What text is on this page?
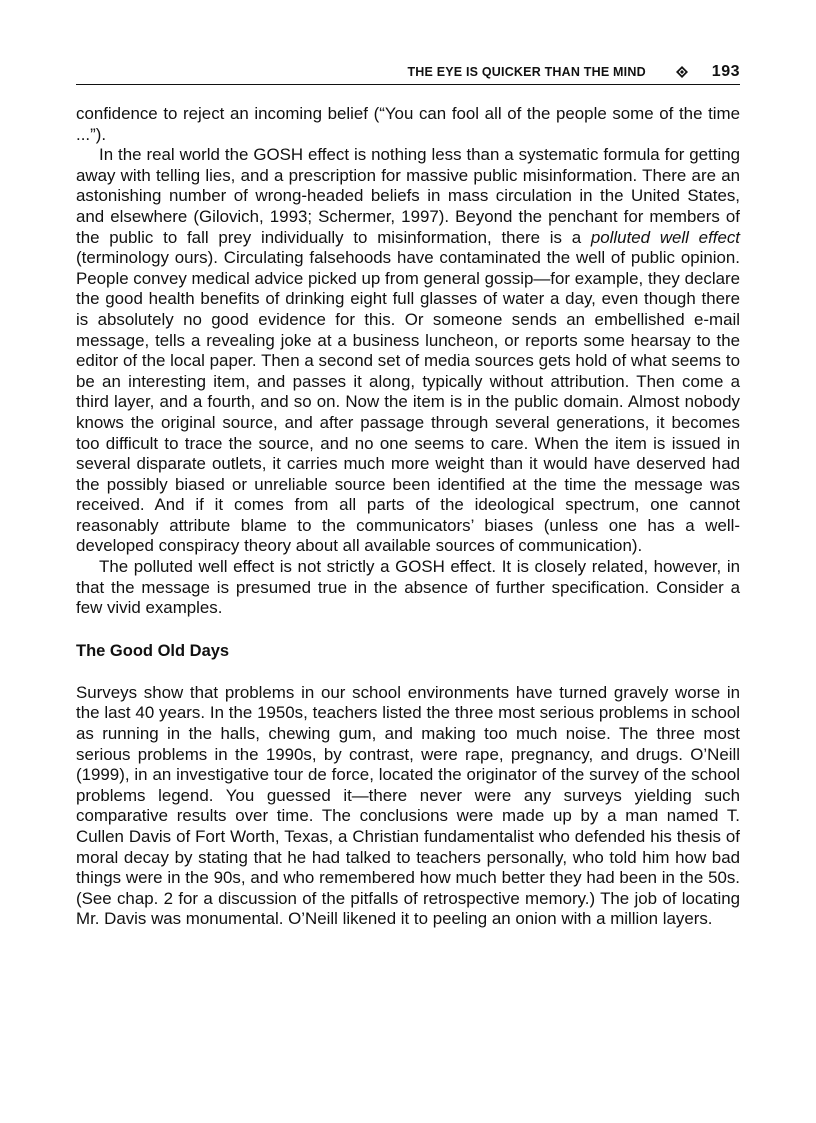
THE EYE IS QUICKER THAN THE MIND	193

confidence to reject an incoming belief (“You can fool all of the people some of the time ...”).

In the real world the GOSH effect is nothing less than a systematic formula for getting away with telling lies, and a prescription for massive public misinformation. There are an astonishing number of wrong-headed beliefs in mass circulation in the United States, and elsewhere (Gilovich, 1993; Schermer, 1997). Beyond the penchant for members of the public to fall prey individually to misinformation, there is a polluted well effect (terminology ours). Circulating falsehoods have contaminated the well of public opinion. People convey medical advice picked up from general gossip—for example, they declare the good health benefits of drinking eight full glasses of water a day, even though there is absolutely no good evidence for this. Or someone sends an embellished e-mail message, tells a revealing joke at a business luncheon, or reports some hearsay to the editor of the local paper. Then a second set of media sources gets hold of what seems to be an interesting item, and passes it along, typically without attribution. Then come a third layer, and a fourth, and so on. Now the item is in the public domain. Almost nobody knows the original source, and after passage through several generations, it becomes too difficult to trace the source, and no one seems to care. When the item is issued in several disparate outlets, it carries much more weight than it would have deserved had the possibly biased or unreliable source been identified at the time the message was received. And if it comes from all parts of the ideological spectrum, one cannot reasonably attribute blame to the communicators’ biases (unless one has a well-developed conspiracy theory about all available sources of communication).

The polluted well effect is not strictly a GOSH effect. It is closely related, however, in that the message is presumed true in the absence of further specification. Consider a few vivid examples.

The Good Old Days

Surveys show that problems in our school environments have turned gravely worse in the last 40 years. In the 1950s, teachers listed the three most serious problems in school as running in the halls, chewing gum, and making too much noise. The three most serious problems in the 1990s, by contrast, were rape, pregnancy, and drugs. O’Neill (1999), in an investigative tour de force, located the originator of the survey of the school problems legend. You guessed it—there never were any surveys yielding such comparative results over time. The conclusions were made up by a man named T. Cullen Davis of Fort Worth, Texas, a Christian fundamentalist who defended his thesis of moral decay by stating that he had talked to teachers personally, who told him how bad things were in the 90s, and who remembered how much better they had been in the 50s. (See chap. 2 for a discussion of the pitfalls of retrospective memory.) The job of locating Mr. Davis was monumental. O’Neill likened it to peeling an onion with a million layers.
